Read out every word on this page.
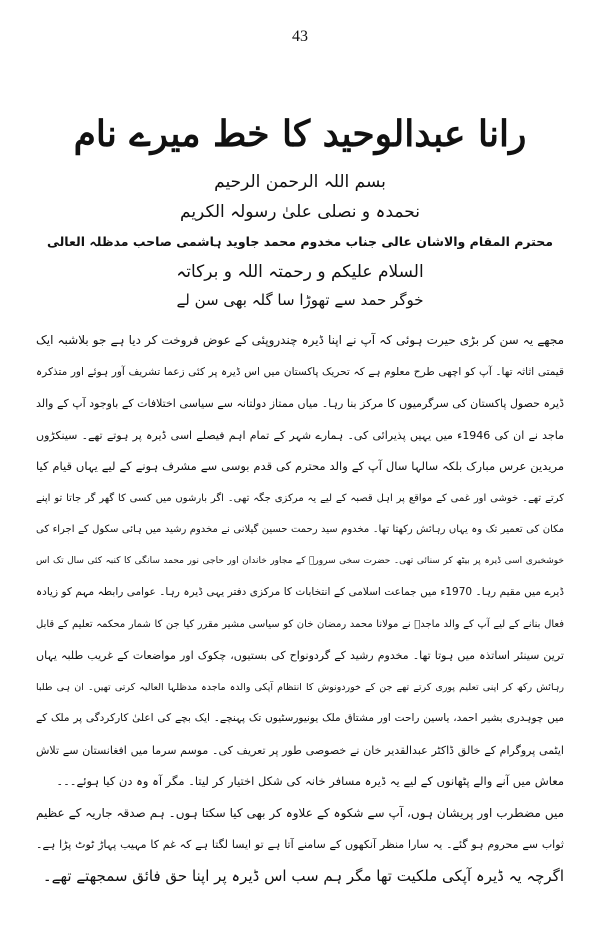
43
رانا عبدالوحید کا خط میرے نام

بسم اللہ الرحمن الرحیم

نحمدہ و نصلی علیٰ رسولہ الکریم

محترم المقام والاشان عالی جناب مخدوم محمد جاوید ہاشمی صاحب مدظلہ العالی

السلام علیکم و رحمتہ اللہ و برکاتہ

خوگر حمد سے تھوڑا سا گلہ بھی سن لے

مجھے یہ سن کر بڑی حیرت ہوئی کہ آپ نے اپنا ڈیرہ چندروپئی کے عوض فروخت کر دیا ہے جو بلاشبہ ایک
قیمتی اثاثہ تھا۔ آپ کو اچھی طرح معلوم ہے کہ تحریک پاکستان میں اس ڈیرہ پر کئی زعما تشریف آور ہوئے اور متذکرہ
ڈیرہ حصول پاکستان کی سرگرمیوں کا مرکز بنا رہا۔ میاں ممتاز دولتانہ سے سیاسی اختلافات کے باوجود آپ کے والد
ماجد نے ان کی 1946ء میں یہیں پذیرائی کی۔ ہمارے شہر کے تمام اہم فیصلے اسی ڈیرہ پر ہوتے تھے۔ سینکڑوں
مریدین عرس مبارک بلکہ سالہا سال آپ کے والد محترم کی قدم بوسی سے مشرف ہونے کے لیے یہاں قیام کیا
کرتے تھے۔ خوشی اور غمی کے مواقع پر اہل قصبہ کے لیے یہ مرکزی جگہ تھی۔ اگر بارشوں میں کسی کا گھر گر جاتا تو اپنے
مکان کی تعمیر تک وہ یہاں رہائش رکھتا تھا۔ مخدوم سید رحمت حسین گیلانی نے مخدوم رشید میں ہائی سکول کے اجراء کی
خوشخبری اسی ڈیرہ پر بیٹھ کر سنائی تھی۔ حضرت سخی سرورؒ کے مجاور خاندان اور حاجی نور محمد سانگی کا کنبہ کئی سال تک اس
ڈیرے میں مقیم رہا۔ 1970ء میں جماعت اسلامی کے انتخابات کا مرکزی دفتر یہی ڈیرہ رہا۔ عوامی رابطہ مہم کو زیادہ
فعال بنانے کے لیے آپ کے والد ماجدؒ نے مولانا محمد رمضان خان کو سیاسی مشیر مقرر کیا جن کا شمار محکمہ تعلیم کے قابل
ترین سینئر اساتذہ میں ہوتا تھا۔ مخدوم رشید کے گردونواح کی بستیوں، چکوک اور مواضعات کے غریب طلبہ یہاں
رہائش رکھ کر اپنی تعلیم پوری کرتے تھے جن کے خوردونوش کا انتظام آپکی والدہ ماجدہ مدظلہا العالیہ کرتی تھیں۔ ان ہی طلبا
میں چوہدری بشیر احمد، یاسین راحت اور مشتاق ملک یونیورسٹیوں تک پہنچے۔ ایک بچے کی اعلیٰ کارکردگی پر ملک کے
ایٹمی پروگرام کے خالق ڈاکٹر عبدالقدیر خان نے خصوصی طور پر تعریف کی۔ موسم سرما میں افغانستان سے تلاش
معاش میں آنے والے پٹھانوں کے لیے یہ ڈیرہ مسافر خانہ کی شکل اختیار کر لیتا۔ مگر آہ وہ دن کیا ہوئے۔۔۔
میں مضطرب اور پریشان ہوں، آپ سے شکوہ کے علاوہ کر بھی کیا سکتا ہوں۔ ہم صدقہ جاریہ کے عظیم
ثواب سے محروم ہو گئے۔ یہ سارا منظر آنکھوں کے سامنے آتا ہے تو ایسا لگتا ہے کہ غم کا مہیب پہاڑ ٹوٹ پڑا ہے۔
اگرچہ یہ ڈیرہ آپکی ملکیت تھا مگر ہم سب اس ڈیرہ پر اپنا حق فائق سمجھتے تھے۔
